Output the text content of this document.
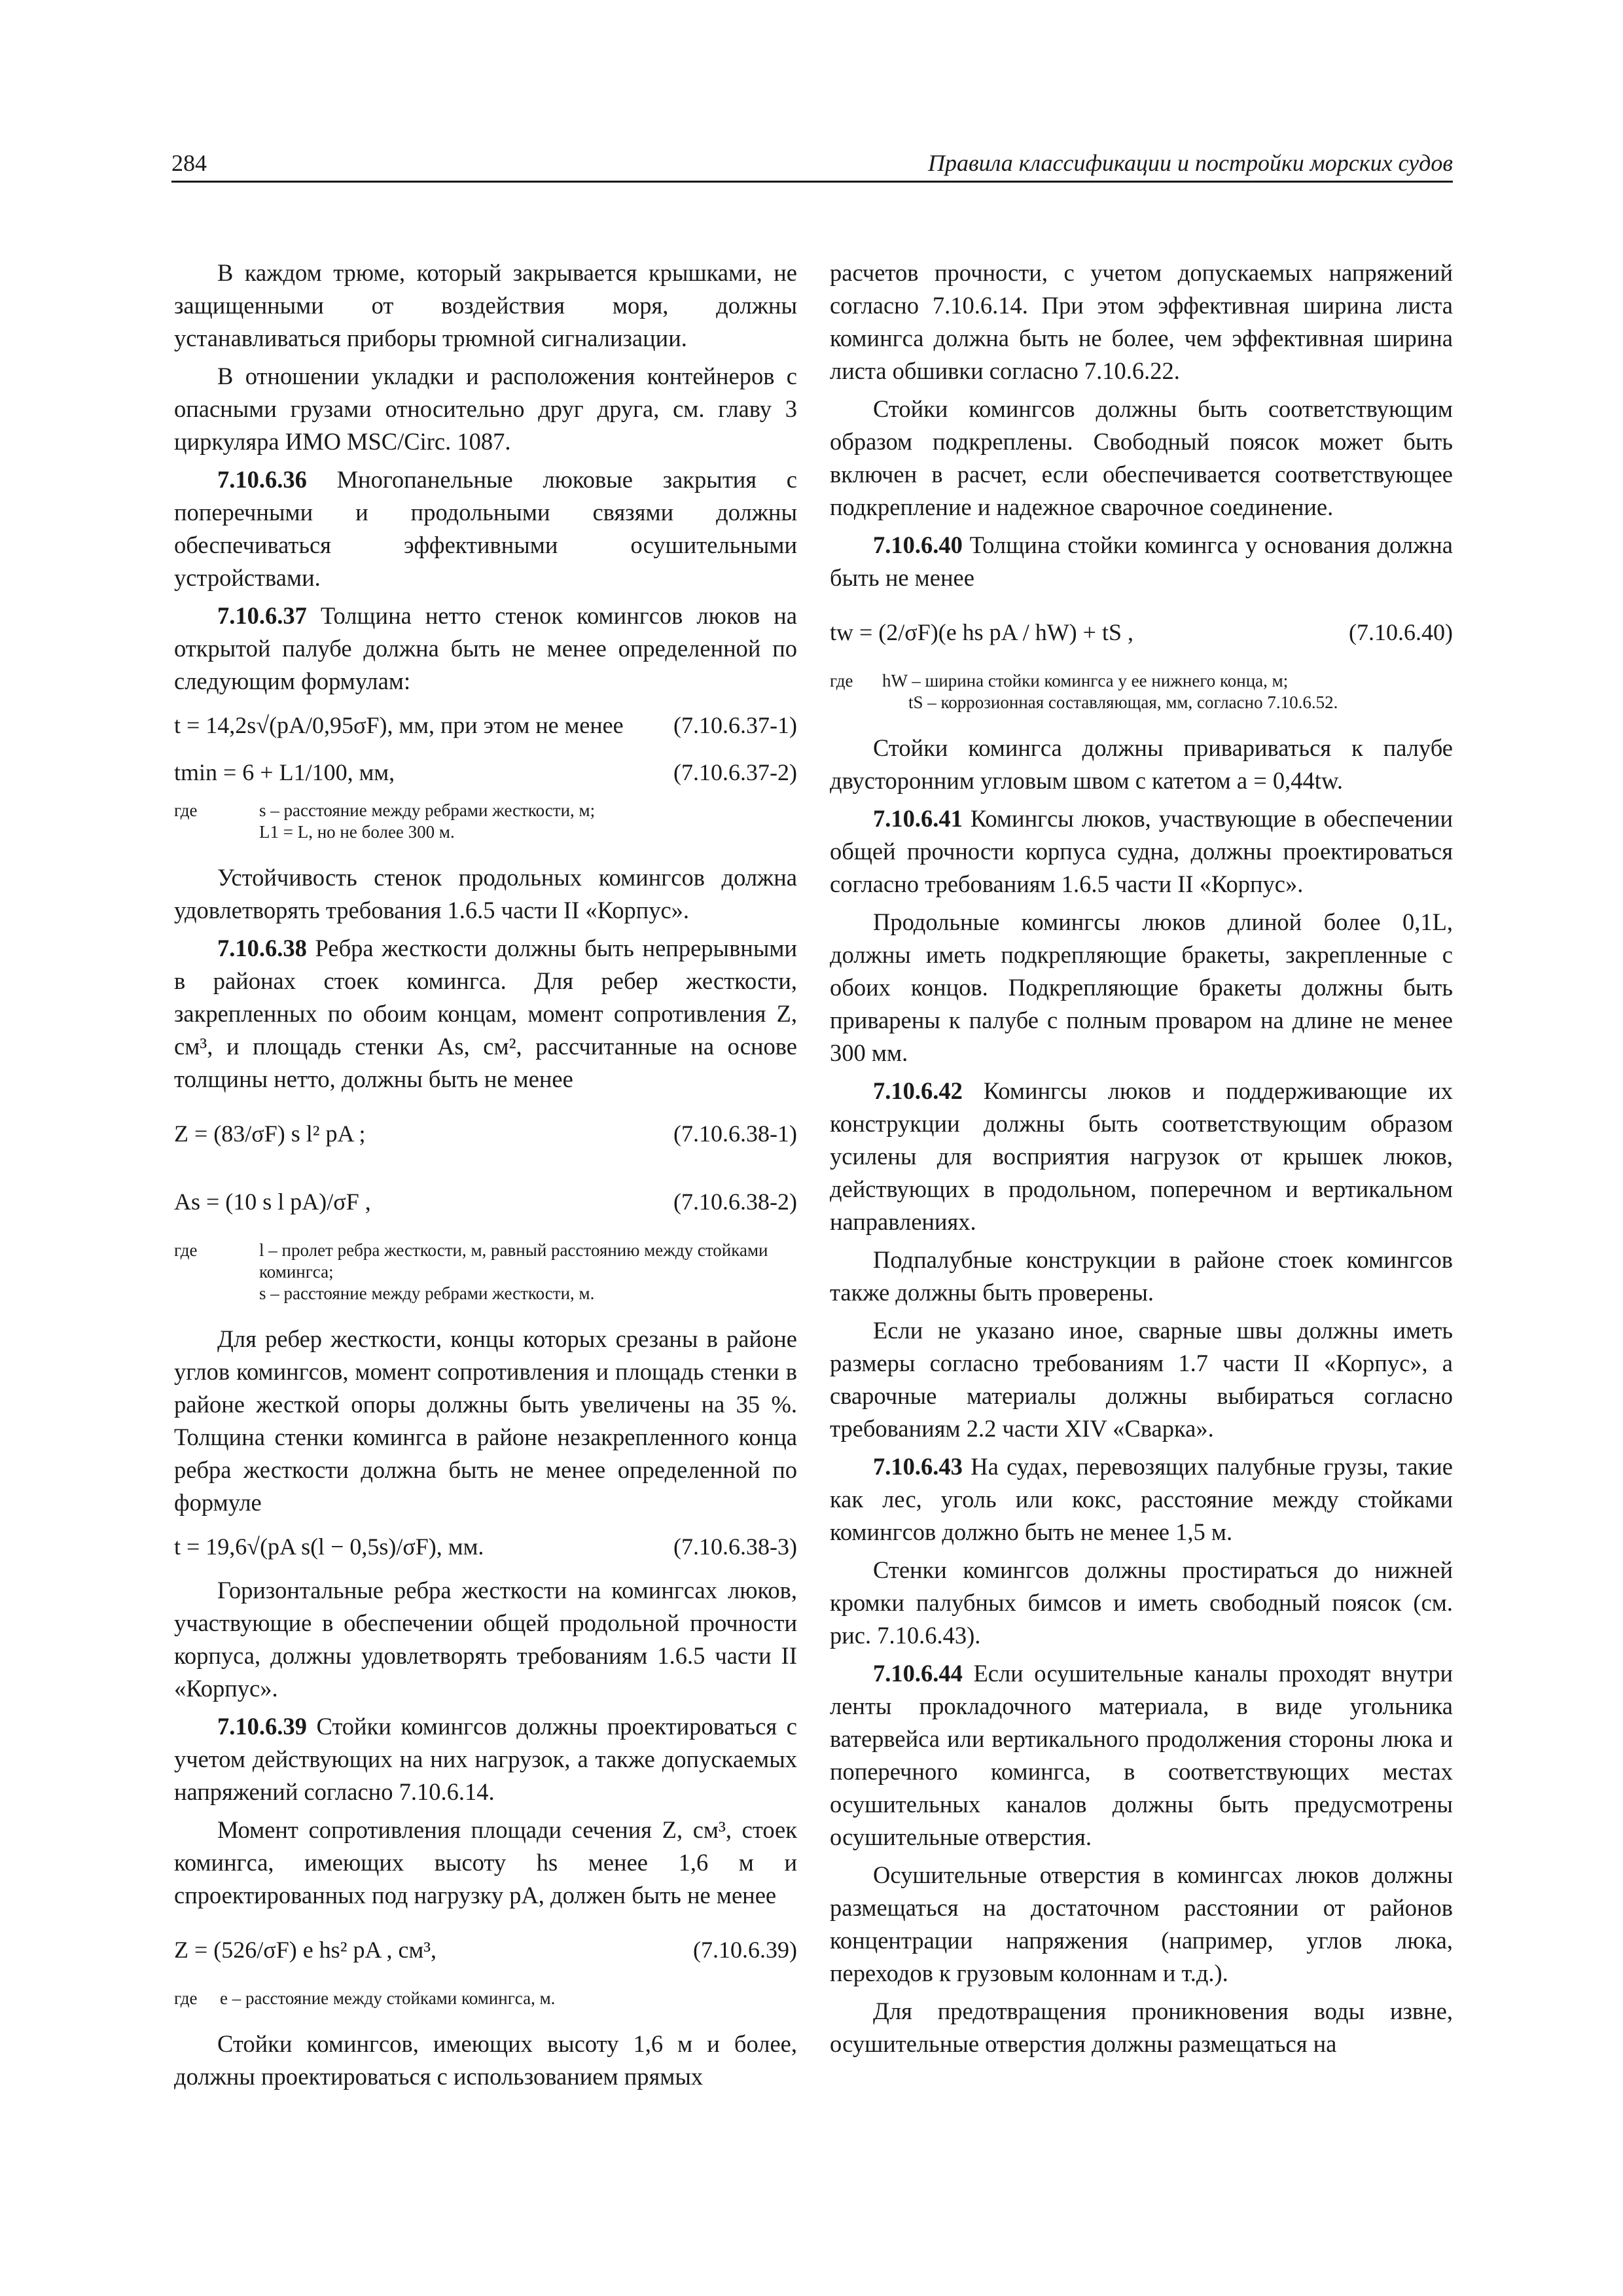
284	Правила классификации и постройки морских судов

В каждом трюме, который закрывается крышками, не защищенными от воздействия моря, должны устанавливаться приборы трюмной сигнализации.

В отношении укладки и расположения контейнеров с опасными грузами относительно друг друга, см. главу 3 циркуляра ИМО MSC/Circ. 1087.

7.10.6.36 Многопанельные люковые закрытия с поперечными и продольными связями должны обеспечиваться эффективными осушительными устройствами.

7.10.6.37 Толщина нетто стенок комингсов люков на открытой палубе должна быть не менее определенной по следующим формулам:

t = 14,2s√(pA/0,95σF), мм, при этом не менее (7.10.6.37-1)
tmin = 6 + L1/100, мм,	(7.10.6.37-2)
где	s – расстояние между ребрами жесткости, м;
L1 = L, но не более 300 м.

Устойчивость стенок продольных комингсов должна удовлетворять требования 1.6.5 части II «Корпус».

7.10.6.38 Ребра жесткости должны быть непрерывными в районах стоек комингса. Для ребер жесткости, закрепленных по обоим концам, момент сопротивления Z, см³, и площадь стенки As, см², рассчитанные на основе толщины нетто, должны быть не менее

Z = (83/σF) s l² pA ;	(7.10.6.38-1)
As = (10 s l pA)/σF ,	(7.10.6.38-2)
где	l – пролет ребра жесткости, м, равный расстоянию между стойками комингса;
s – расстояние между ребрами жесткости, м.

Для ребер жесткости, концы которых срезаны в районе углов комингсов, момент сопротивления и площадь стенки в районе жесткой опоры должны быть увеличены на 35 %. Толщина стенки комингса в районе незакрепленного конца ребра жесткости должна быть не менее определенной по формуле

t = 19,6√(pA s(l − 0,5s)/σF), мм.	(7.10.6.38-3)

Горизонтальные ребра жесткости на комингсах люков, участвующие в обеспечении общей продольной прочности корпуса, должны удовлетворять требованиям 1.6.5 части II «Корпус».

7.10.6.39 Стойки комингсов должны проектироваться с учетом действующих на них нагрузок, а также допускаемых напряжений согласно 7.10.6.14.

Момент сопротивления площади сечения Z, см³, стоек комингса, имеющих высоту hs менее 1,6 м и спроектированных под нагрузку pA, должен быть не менее

Z = (526/σF) e hs² pA , см³,	(7.10.6.39)
где e – расстояние между стойками комингса, м.

Стойки комингсов, имеющих высоту 1,6 м и более, должны проектироваться с использованием прямых

расчетов прочности, с учетом допускаемых напряжений согласно 7.10.6.14. При этом эффективная ширина листа комингса должна быть не более, чем эффективная ширина листа обшивки согласно 7.10.6.22.

Стойки комингсов должны быть соответствующим образом подкреплены. Свободный поясок может быть включен в расчет, если обеспечивается соответствующее подкрепление и надежное сварочное соединение.

7.10.6.40 Толщина стойки комингса у основания должна быть не менее

tw = (2/σF)(e hs pA / hW) + tS ,	(7.10.6.40)
где hW – ширина стойки комингса у ее нижнего конца, м;
tS – коррозионная составляющая, мм, согласно 7.10.6.52.

Стойки комингса должны привариваться к палубе двусторонним угловым швом с катетом a = 0,44tw.

7.10.6.41 Комингсы люков, участвующие в обеспечении общей прочности корпуса судна, должны проектироваться согласно требованиям 1.6.5 части II «Корпус».

Продольные комингсы люков длиной более 0,1L, должны иметь подкрепляющие бракеты, закрепленные с обоих концов. Подкрепляющие бракеты должны быть приварены к палубе с полным проваром на длине не менее 300 мм.

7.10.6.42 Комингсы люков и поддерживающие их конструкции должны быть соответствующим образом усилены для восприятия нагрузок от крышек люков, действующих в продольном, поперечном и вертикальном направлениях.

Подпалубные конструкции в районе стоек комингсов также должны быть проверены.

Если не указано иное, сварные швы должны иметь размеры согласно требованиям 1.7 части II «Корпус», а сварочные материалы должны выбираться согласно требованиям 2.2 части XIV «Сварка».

7.10.6.43 На судах, перевозящих палубные грузы, такие как лес, уголь или кокс, расстояние между стойками комингсов должно быть не менее 1,5 м.

Стенки комингсов должны простираться до нижней кромки палубных бимсов и иметь свободный поясок (см. рис. 7.10.6.43).

7.10.6.44 Если осушительные каналы проходят внутри ленты прокладочного материала, в виде угольника ватервейса или вертикального продолжения стороны люка и поперечного комингса, в соответствующих местах осушительных каналов должны быть предусмотрены осушительные отверстия.

Осушительные отверстия в комингсах люков должны размещаться на достаточном расстоянии от районов концентрации напряжения (например, углов люка, переходов к грузовым колоннам и т.д.).

Для предотвращения проникновения воды извне, осушительные отверстия должны размещаться на
